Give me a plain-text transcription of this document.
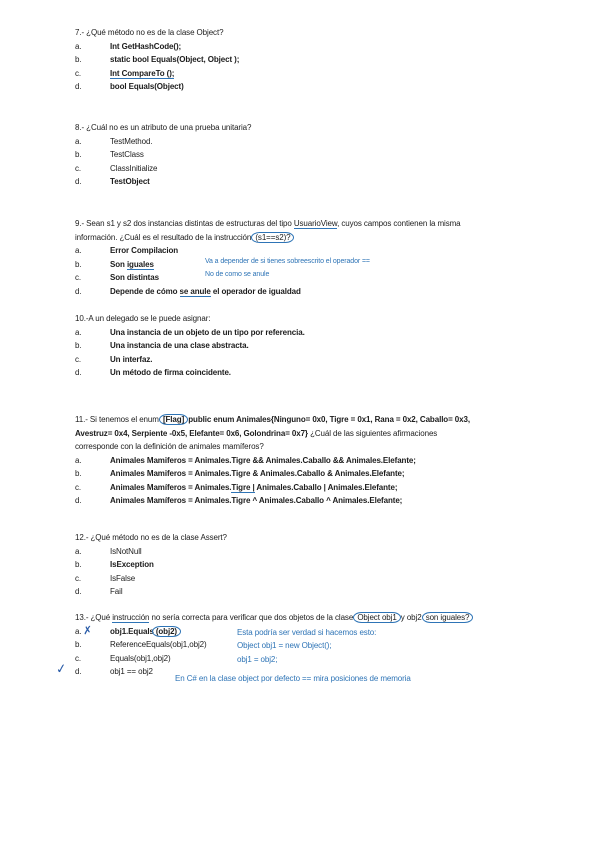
7.- ¿Qué método no es de la clase Object?
a.	Int GetHashCode();
b.	static bool Equals(Object, Object );
c.	Int CompareTo ();
d.	bool Equals(Object)
8.- ¿Cuál no es un atributo de una prueba unitaria?
a.	TestMethod.
b.	TestClass
c.	ClassInitialize
d.	TestObject
9.- Sean s1 y s2 dos instancias distintas de estructuras del tipo UsuarioView, cuyos campos contienen la misma
información. ¿Cuál es el resultado de la instrucción (s1==s2)?
a.	Error Compilacion
b.	Son iguales
c.	Son distintas
d.	Depende de cómo se anule el operador de igualdad
Va a depender de si tienes sobreescrito el operador ==
No de como se anule
10.-A un delegado se le puede asignar:
a.	Una instancia de un objeto de un tipo por referencia.
b.	Una instancia de una clase abstracta.
c.	Un interfaz.
d.	Un método de firma coincidente.
11.- Si tenemos el enum [Flag] public enum Animales{Ninguno= 0x0, Tigre = 0x1, Rana = 0x2, Caballo= 0x3,
Avestruz= 0x4, Serpiente -0x5, Elefante= 0x6, Golondrina= 0x7} ¿Cuál de las siguientes afirmaciones
corresponde con la definición de animales mamíferos?
a.	Animales Mamiferos = Animales.Tigre && Animales.Caballo && Animales.Elefante;
b.	Animales Mamiferos = Animales.Tigre & Animales.Caballo & Animales.Elefante;
c.	Animales Mamíferos = Animales.Tigre | Animales.Caballo | Animales.Elefante;
d.	Animales Mamíferos = Animales.Tigre ^ Animales.Caballo ^ Animales.Elefante;
12.- ¿Qué método no es de la clase Assert?
a.	IsNotNull
b.	IsException
c.	IsFalse
d.	Fail
13.- ¿Qué instrucción no sería correcta para verificar que dos objetos de la clase Object obj1 y obj2 son iguales?
a.	obj1.Equals (obj2)
b.	ReferenceEquals(obj1,obj2)
c.	Equals(obj1,obj2)
d.	obj1 == obj2
✗
✓
Esta podría ser verdad si hacemos esto:
Object obj1 = new Object();
obj1 = obj2;
En C# en la clase object por defecto == mira posiciones de memoria
